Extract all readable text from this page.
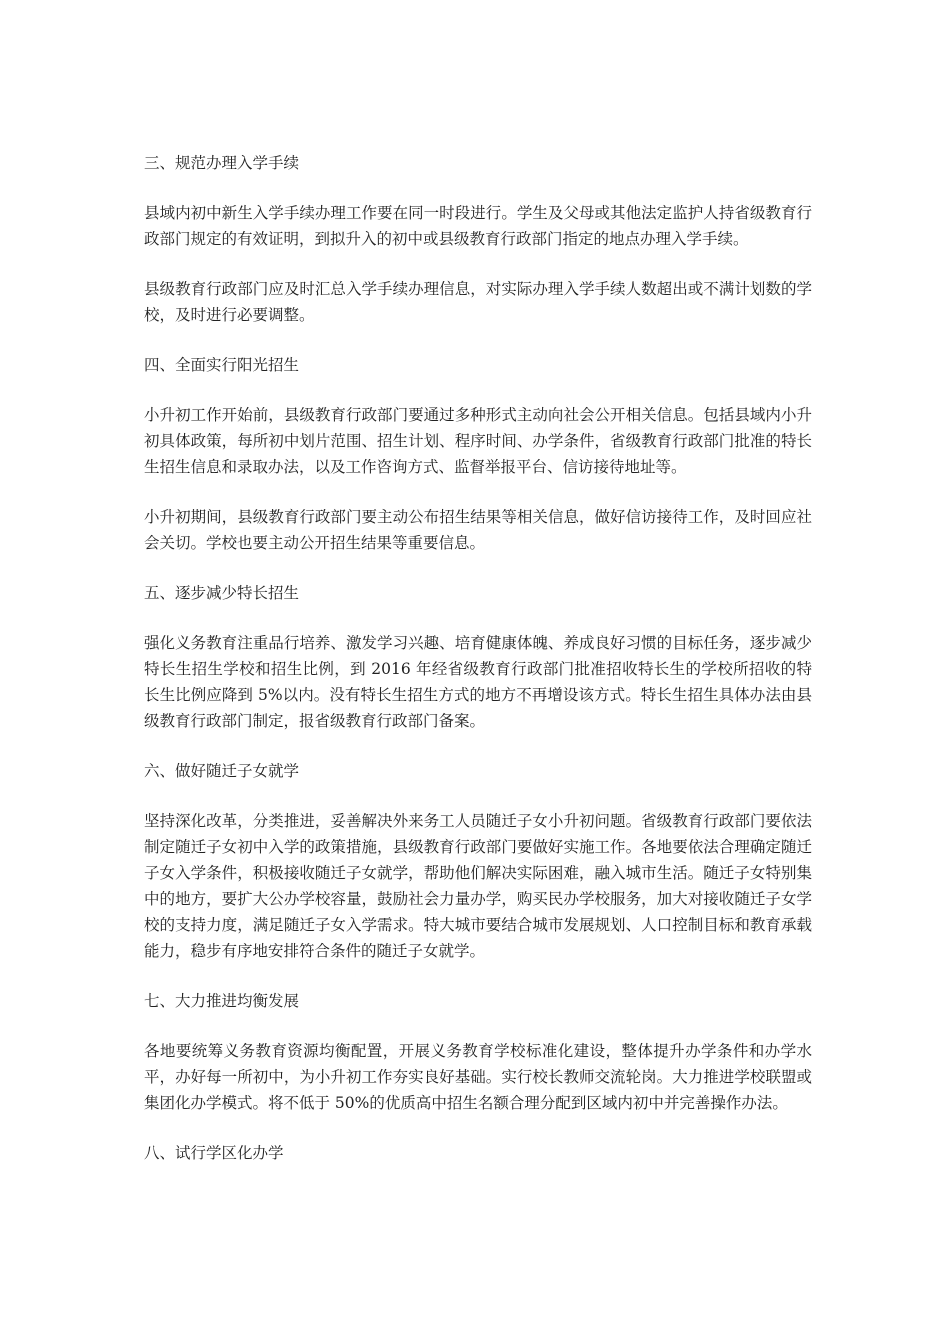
三、规范办理入学手续
县域内初中新生入学手续办理工作要在同一时段进行。学生及父母或其他法定监护人持省级教育行政部门规定的有效证明，到拟升入的初中或县级教育行政部门指定的地点办理入学手续。
县级教育行政部门应及时汇总入学手续办理信息，对实际办理入学手续人数超出或不满计划数的学校，及时进行必要调整。
四、全面实行阳光招生
小升初工作开始前，县级教育行政部门要通过多种形式主动向社会公开相关信息。包括县域内小升初具体政策，每所初中划片范围、招生计划、程序时间、办学条件，省级教育行政部门批准的特长生招生信息和录取办法，以及工作咨询方式、监督举报平台、信访接待地址等。
小升初期间，县级教育行政部门要主动公布招生结果等相关信息，做好信访接待工作，及时回应社会关切。学校也要主动公开招生结果等重要信息。
五、逐步减少特长招生
强化义务教育注重品行培养、激发学习兴趣、培育健康体魄、养成良好习惯的目标任务，逐步减少特长生招生学校和招生比例，到 2016 年经省级教育行政部门批准招收特长生的学校所招收的特长生比例应降到 5%以内。没有特长生招生方式的地方不再增设该方式。特长生招生具体办法由县级教育行政部门制定，报省级教育行政部门备案。
六、做好随迁子女就学
坚持深化改革，分类推进，妥善解决外来务工人员随迁子女小升初问题。省级教育行政部门要依法制定随迁子女初中入学的政策措施，县级教育行政部门要做好实施工作。各地要依法合理确定随迁子女入学条件，积极接收随迁子女就学，帮助他们解决实际困难，融入城市生活。随迁子女特别集中的地方，要扩大公办学校容量，鼓励社会力量办学，购买民办学校服务，加大对接收随迁子女学校的支持力度，满足随迁子女入学需求。特大城市要结合城市发展规划、人口控制目标和教育承载能力，稳步有序地安排符合条件的随迁子女就学。
七、大力推进均衡发展
各地要统筹义务教育资源均衡配置，开展义务教育学校标准化建设，整体提升办学条件和办学水平，办好每一所初中，为小升初工作夯实良好基础。实行校长教师交流轮岗。大力推进学校联盟或集团化办学模式。将不低于 50%的优质高中招生名额合理分配到区域内初中并完善操作办法。
八、试行学区化办学
